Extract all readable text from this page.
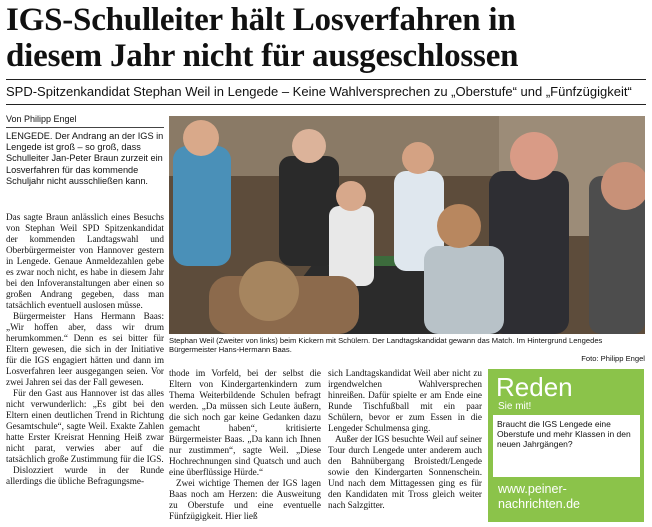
IGS-Schulleiter hält Losverfahren in
diesem Jahr nicht für ausgeschlossen

SPD-Spitzenkandidat Stephan Weil in Lengede – Keine Wahlversprechen zu „Oberstufe“ und „Fünfzügigkeit“

Von Philipp Engel
LENGEDE. Der Andrang an der IGS in Lengede ist groß – so groß, dass Schulleiter Jan-Peter Braun zurzeit ein Losverfahren für das kommende Schuljahr nicht ausschließen kann.

Das sagte Braun anlässlich eines Besuchs von Stephan Weil SPD Spitzenkandidat der kommenden Landtagswahl und Oberbürgermeister von Hannover gestern in Lengede. Genaue Anmeldezahlen gebe es zwar noch nicht, es habe in diesem Jahr bei den Infoveranstaltungen aber einen so großen Andrang gegeben, dass man tatsächlich eventuell auslosen müsse.

Bürgermeister Hans Hermann Baas: „Wir hoffen aber, dass wir drum herumkommen.“ Denn es sei bitter für Eltern gewesen, die sich in der Initiative für die IGS engagiert hätten und dann im Losverfahren leer ausgegangen seien. Vor zwei Jahren sei das der Fall gewesen.

Für den Gast aus Hannover ist das alles nicht verwunderlich: „Es gibt bei den Eltern einen deutlichen Trend in Richtung Gesamtschule“, sagte Weil. Exakte Zahlen hatte Erster Kreisrat Henning Heiß zwar nicht parat, verwies aber auf die tatsächlich große Zustimmung für die IGS.

Dislozziert wurde in der Runde allerdings die übliche Befragungsme-

Stephan Weil (Zweiter von links) beim Kickern mit Schülern. Der Landtagskandidat gewann das Match. Im Hintergrund Lengedes Bürgermeister Hans-Hermann Baas.
Foto: Philipp Engel

thode im Vorfeld, bei der selbst die Eltern von Kindergartenkindern zum Thema Weiterbildende Schulen befragt werden. „Da müssen sich Leute äußern, die sich noch gar keine Gedanken dazu gemacht haben“, kritisierte Bürgermeister Baas. „Da kann ich Ihnen nur zustimmen“, sagte Weil. „Diese Hochrechnungen sind Quatsch und auch eine überflüssige Hürde.“

Zwei wichtige Themen der IGS lagen Baas noch am Herzen: die Ausweitung zu Oberstufe und eine eventuelle Fünfzügigkeit. Hier ließ

sich Landtagskandidat Weil aber nicht zu irgendwelchen Wahlversprechen hinreißen. Dafür spielte er am Ende eine Runde Tischfußball mit ein paar Schülern, bevor er zum Essen in die Lengeder Schulmensa ging.

Außer der IGS besuchte Weil auf seiner Tour durch Lengede unter anderem auch den Bahnübergang Broistedt/Lengede sowie den Kindergarten Sonnenschein. Und nach dem Mittagessen ging es für den Kandidaten mit Tross gleich weiter nach Salzgitter.

Reden
Sie mit!
Braucht die IGS Lengede eine Oberstufe und mehr Klassen in den neuen Jahrgängen?
www.peiner-
nachrichten.de
